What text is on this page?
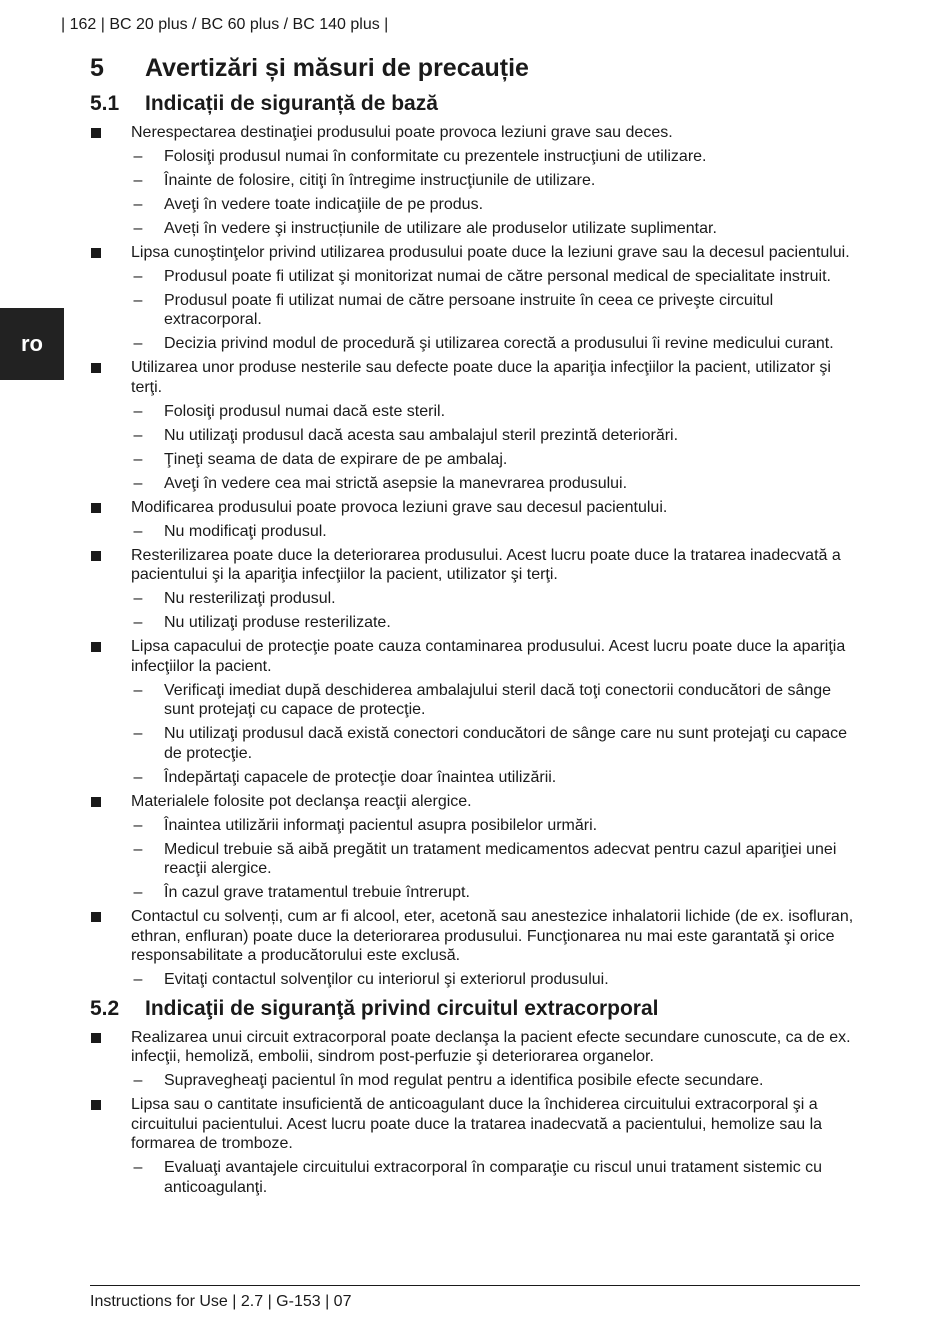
| 162 | BC 20 plus / BC 60 plus / BC 140 plus |
ro
5	Avertizări și măsuri de precauție
5.1	Indicații de siguranță de bază

Nerespectarea destinaţiei produsului poate provoca leziuni grave sau deces.

– Folosiţi produsul numai în conformitate cu prezentele instrucţiuni de utilizare.
– Înainte de folosire, citiţi în întregime instrucţiunile de utilizare.
– Aveţi în vedere toate indicaţiile de pe produs.
– Aveți în vedere şi instrucțiunile de utilizare ale produselor utilizate suplimentar.

Lipsa cunoştinţelor privind utilizarea produsului poate duce la leziuni grave sau la decesul pacientului.

– Produsul poate fi utilizat şi monitorizat numai de către personal medical de specialitate instruit.
– Produsul poate fi utilizat numai de către persoane instruite în ceea ce priveşte circuitul extracorporal.
– Decizia privind modul de procedură şi utilizarea corectă a produsului îi revine medicului curant.

Utilizarea unor produse nesterile sau defecte poate duce la apariţia infecţiilor la pacient, utilizator şi terţi.

– Folosiţi produsul numai dacă este steril.
– Nu utilizaţi produsul dacă acesta sau ambalajul steril prezintă deteriorări.
– Ţineţi seama de data de expirare de pe ambalaj.
– Aveţi în vedere cea mai strictă asepsie la manevrarea produsului.

Modificarea produsului poate provoca leziuni grave sau decesul pacientului.

– Nu modificaţi produsul.

Resterilizarea poate duce la deteriorarea produsului. Acest lucru poate duce la tratarea inadecvată a pacientului şi la apariţia infecţiilor la pacient, utilizator şi terţi.

– Nu resterilizaţi produsul.
– Nu utilizaţi produse resterilizate.

Lipsa capacului de protecţie poate cauza contaminarea produsului. Acest lucru poate duce la apariţia infecţiilor la pacient.

– Verificaţi imediat după deschiderea ambalajului steril dacă toţi conectorii conducători de sânge sunt protejaţi cu capace de protecţie.
– Nu utilizaţi produsul dacă există conectori conducători de sânge care nu sunt protejaţi cu capace de protecţie.
– Îndepărtaţi capacele de protecţie doar înaintea utilizării.

Materialele folosite pot declanşa reacţii alergice.

– Înaintea utilizării informaţi pacientul asupra posibilelor urmări.
– Medicul trebuie să aibă pregătit un tratament medicamentos adecvat pentru cazul apariţiei unei reacţii alergice.
– În cazul grave tratamentul trebuie întrerupt.

Contactul cu solvenți, cum ar fi alcool, eter, acetonă sau anestezice inhalatorii lichide (de ex. isofluran, ethran, enfluran) poate duce la deteriorarea produsului. Funcţionarea nu mai este garantată şi orice responsabilitate a producătorului este exclusă.

– Evitaţi contactul solvenţilor cu interiorul şi exteriorul produsului.
5.2	Indicaţii de siguranţă privind circuitul extracorporal

Realizarea unui circuit extracorporal poate declanşa la pacient efecte secundare cunoscute, ca de ex. infecţii, hemoliză, embolii, sindrom post-perfuzie şi deteriorarea organelor.

– Supravegheaţi pacientul în mod regulat pentru a identifica posibile efecte secundare.

Lipsa sau o cantitate insuficientă de anticoagulant duce la închiderea circuitului extracorporal şi a circuitului pacientului. Acest lucru poate duce la tratarea inadecvată a pacientului, hemolize sau la formarea de tromboze.

– Evaluaţi avantajele circuitului extracorporal în comparaţie cu riscul unui tratament sistemic cu anticoagulanţi.
Instructions for Use | 2.7 | G-153 | 07
